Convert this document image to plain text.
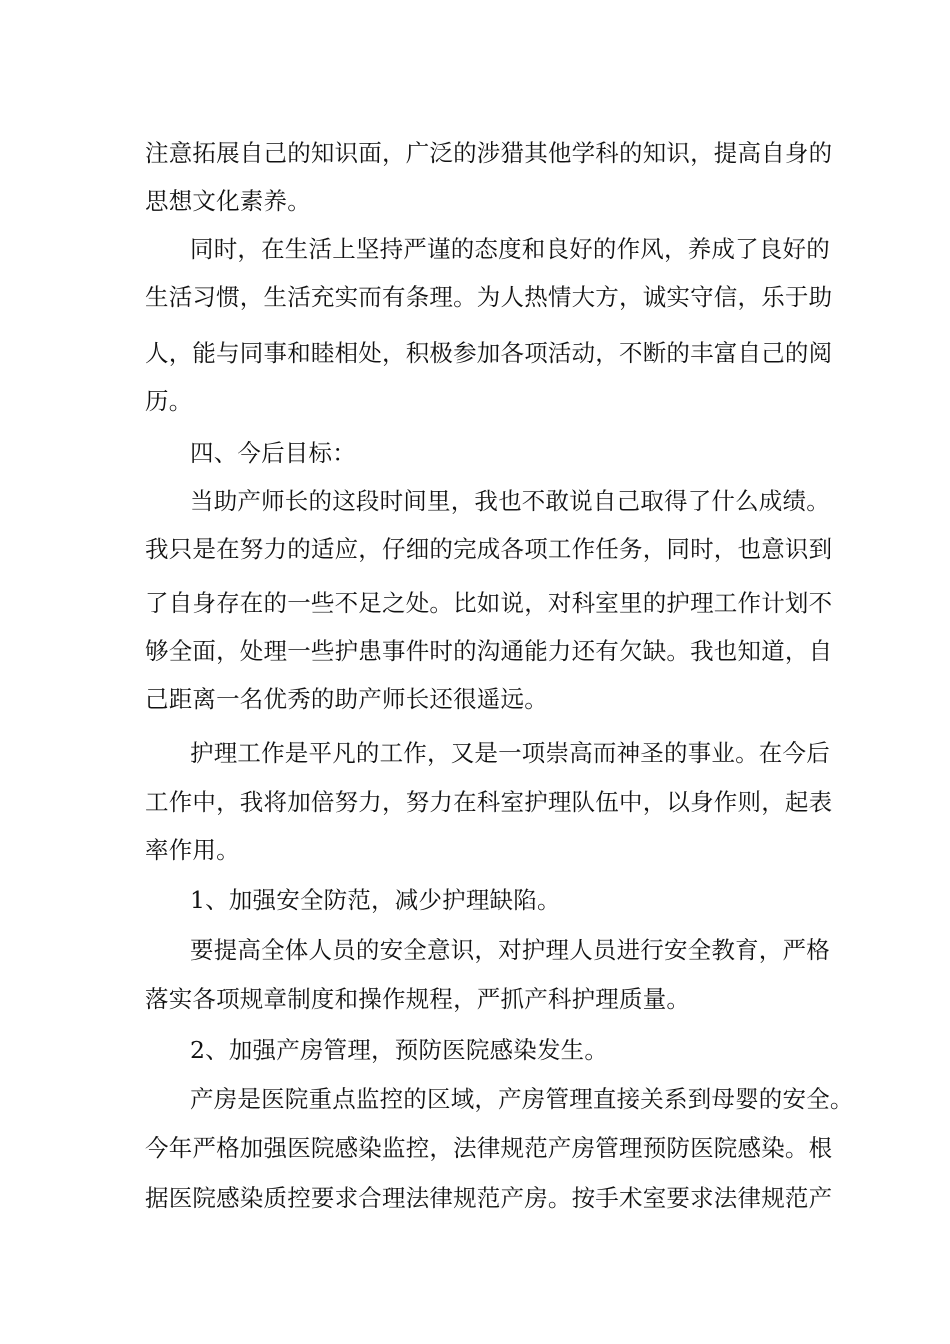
注意拓展自己的知识面，广泛的涉猎其他学科的知识，提高自身的
思想文化素养。
同时，在生活上坚持严谨的态度和良好的作风，养成了良好的
生活习惯，生活充实而有条理。为人热情大方，诚实守信，乐于助
人，能与同事和睦相处，积极参加各项活动，不断的丰富自己的阅
历。
四、今后目标：
当助产师长的这段时间里，我也不敢说自己取得了什么成绩。
我只是在努力的适应，仔细的完成各项工作任务，同时，也意识到
了自身存在的一些不足之处。比如说，对科室里的护理工作计划不
够全面，处理一些护患事件时的沟通能力还有欠缺。我也知道，自
己距离一名优秀的助产师长还很遥远。
护理工作是平凡的工作，又是一项崇高而神圣的事业。在今后
工作中，我将加倍努力，努力在科室护理队伍中，以身作则，起表
率作用。
1、加强安全防范，减少护理缺陷。
要提高全体人员的安全意识，对护理人员进行安全教育，严格
落实各项规章制度和操作规程，严抓产科护理质量。
2、加强产房管理，预防医院感染发生。
产房是医院重点监控的区域，产房管理直接关系到母婴的安全。
今年严格加强医院感染监控，法律规范产房管理预防医院感染。根
据医院感染质控要求合理法律规范产房。按手术室要求法律规范产
